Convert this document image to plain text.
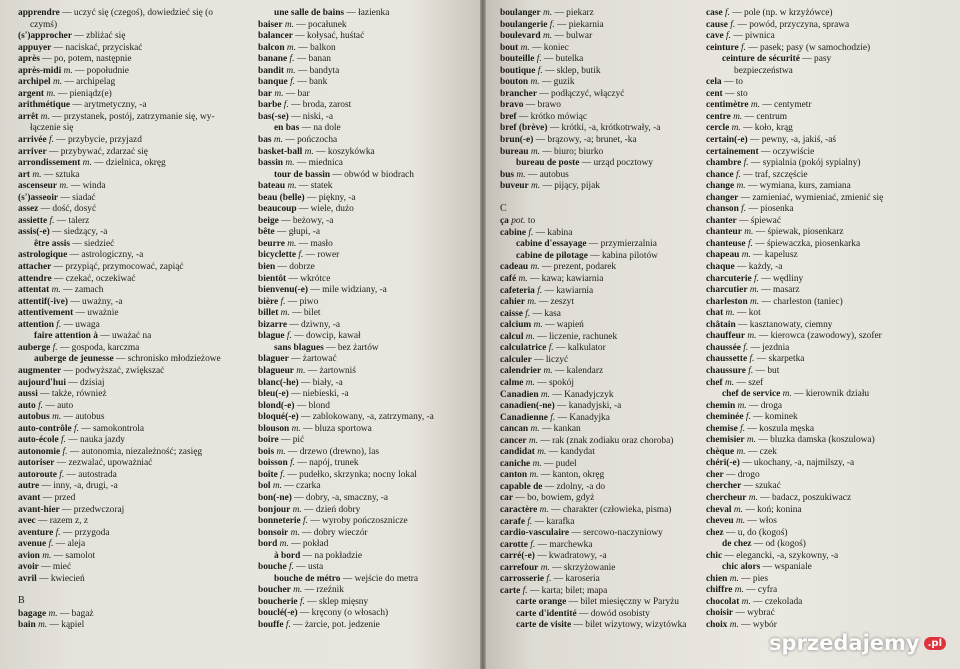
apprendre — uczyć się (czegoś), dowiedzieć się (o czymś)
(s')approcher — zbliżać się
appuyer — naciskać, przyciskać
après — po, potem, następnie
après-midi m. — popołudnie
archipel m. — archipelag
argent m. — pieniądz(e)
arithmétique — arytmetyczny, -a
arrêt m. — przystanek, postój, zatrzymanie się, wy-łączenie się
arrivée f. — przybycie, przyjazd
arriver — przybywać, zdarzać się
arrondissement m. — dzielnica, okręg
art m. — sztuka
ascenseur m. — winda
(s')asseoir — siadać
assez — dość, dosyć
assiette f. — talerz
assis(-e) — siedzący, -a
être assis — siedzieć
astrologique — astrologiczny, -a
attacher — przypiąć, przymocować, zapiąć
attendre — czekać, oczekiwać
attentat m. — zamach
attentif(-ive) — uważny, -a
attentivement — uważnie
attention f. — uwaga
faire attention à — uważać na
auberge f. — gospoda, karczma
auberge de jeunesse — schronisko młodzieżowe
augmenter — podwyższać, zwiększać
aujourd'hui — dzisiaj
aussi — także, również
auto f. — auto
autobus m. — autobus
auto-contrôle f. — samokontrola
auto-école f. — nauka jazdy
autonomie f. — autonomia, niezależność; zasięg
autoriser — zezwalać, upoważniać
autoroute f. — autostrada
autre — inny, -a, drugi, -a
avant — przed
avant-hier — przedwczoraj
avec — razem z, z
aventure f. — przygoda
avenue f. — aleja
avion m. — samolot
avoir — mieć
avril — kwiecień
B
bagage m. — bagaż
bain m. — kąpiel
une salle de bains — łazienka
baiser m. — pocałunek
balancer — kołysać, huśtać
balcon m. — balkon
banane f. — banan
bandit m. — bandyta
banque f. — bank
bar m. — bar
barbe f. — broda, zarost
bas(-se) — niski, -a
en bas — na dole
bas m. — pończocha
basket-ball m. — koszykówka
bassin m. — miednica
tour de bassin — obwód w biodrach
bateau m. — statek
beau (belle) — piękny, -a
beaucoup — wiele, dużo
beige — beżowy, -a
bête — głupi, -a
beurre m. — masło
bicyclette f. — rower
bien — dobrze
bientôt — wkrótce
bienvenu(-e) — mile widziany, -a
bière f. — piwo
billet m. — bilet
bizarre — dziwny, -a
blague f. — dowcip, kawał
sans blagues — bez żartów
blaguer — żartować
blagueur m. — żartowniś
blanc(-he) — biały, -a
bleu(-e) — niebieski, -a
blond(-e) — blond
bloqué(-e) — zablokowany, -a, zatrzymany, -a
blouson m. — bluza sportowa
boire — pić
bois m. — drzewo (drewno), las
boisson f. — napój, trunek
boîte f. — pudełko, skrzynka; nocny lokal
bol m. — czarka
bon(-ne) — dobry, -a, smaczny, -a
bonjour m. — dzień dobry
bonneterie f. — wyroby pończosznicze
bonsoir m. — dobry wieczór
bord m. — pokład
à bord — na pokładzie
bouche f. — usta
bouche de métro — wejście do metra
boucher m. — rzeźnik
boucherie f. — sklep mięsny
bouclé(-e) — kręcony (o włosach)
bouffe f. — żarcie, pot. jedzenie
boulanger m. — piekarz
boulangerie f. — piekarnia
boulevard m. — bulwar
bout m. — koniec
bouteille f. — butelka
boutique f. — sklep, butik
bouton m. — guzik
brancher — podłączyć, włączyć
bravo — brawo
bref — krótko mówiąc
bref (brève) — krótki, -a, krótkotrwały, -a
brun(-e) — brązowy, -a; brunet, -ka
bureau m. — biuro; biurko
bureau de poste — urząd pocztowy
bus m. — autobus
buveur m. — pijący, pijak
C
ça pot. to
cabine f. — kabina
cabine d'essayage — przymierzalnia
cabine de pilotage — kabina pilotów
cadeau m. — prezent, podarek
café m. — kawa; kawiarnia
cafeteria f. — kawiarnia
cahier m. — zeszyt
caisse f. — kasa
calcium m. — wapień
calcul m. — liczenie, rachunek
calculatrice f. — kalkulator
calculer — liczyć
calendrier m. — kalendarz
calme m. — spokój
Canadien m. — Kanadyjczyk
canadien(-ne) — kanadyjski, -a
Canadienne f. — Kanadyjka
cancan m. — kankan
cancer m. — rak (znak zodiaku oraz choroba)
candidat m. — kandydat
caniche m. — pudel
canton m. — kanton, okręg
capable de — zdolny, -a do
car — bo, bowiem, gdyż
caractère m. — charakter (człowieka, pisma)
carafe f. — karafka
cardio-vasculaire — sercowo-naczyniowy
carotte f. — marchewka
carré(-e) — kwadratowy, -a
carrefour m. — skrzyżowanie
carrosserie f. — karoseria
carte f. — karta; bilet; mapa
carte orange — bilet miesięczny w Paryżu
carte d'identité — dowód osobisty
carte de visite — bilet wizytowy, wizytówka
case f. — pole (np. w krzyżówce)
cause f. — powód, przyczyna, sprawa
cave f. — piwnica
ceinture f. — pasek; pasy (w samochodzie)
ceinture de sécurité — pasy bezpieczeństwa
cela — to
cent — sto
centimètre m. — centymetr
centre m. — centrum
cercle m. — koło, krąg
certain(-e) — pewny, -a, jakiś, -aś
certainement — oczywiście
chambre f. — sypialnia (pokój sypialny)
chance f. — traf, szczęście
change m. — wymiana, kurs, zamiana
changer — zamieniać, wymieniać, zmienić się
chanson f. — piosenka
chanter — śpiewać
chanteur m. — śpiewak, piosenkarz
chanteuse f. — śpiewaczka, piosenkarka
chapeau m. — kapelusz
chaque — każdy, -a
charcuterie f. — wędliny
charcutier m. — masarz
charleston m. — charleston (taniec)
chat m. — kot
châtain — kasztanowaty, ciemny
chauffeur m. — kierowca (zawodowy), szofer
chaussée f. — jezdnia
chaussette f. — skarpetka
chaussure f. — but
chef m. — szef
chef de service m. — kierownik działu
chemin m. — droga
cheminée f. — kominek
chemise f. — koszula męska
chemisier m. — bluzka damska (koszulowa)
chèque m. — czek
chéri(-e) — ukochany, -a, najmilszy, -a
cher — drogo
chercher — szukać
chercheur m. — badacz, poszukiwacz
cheval m. — koń; konina
cheveu m. — włos
chez — u, do (kogoś)
de chez — od (kogoś)
chic — elegancki, -a, szykowny, -a
chic alors — wspaniale
chien m. — pies
chiffre m. — cyfra
chocolat m. — czekolada
choisir — wybrać
choix m. — wybór
sprzedajemy .pl
